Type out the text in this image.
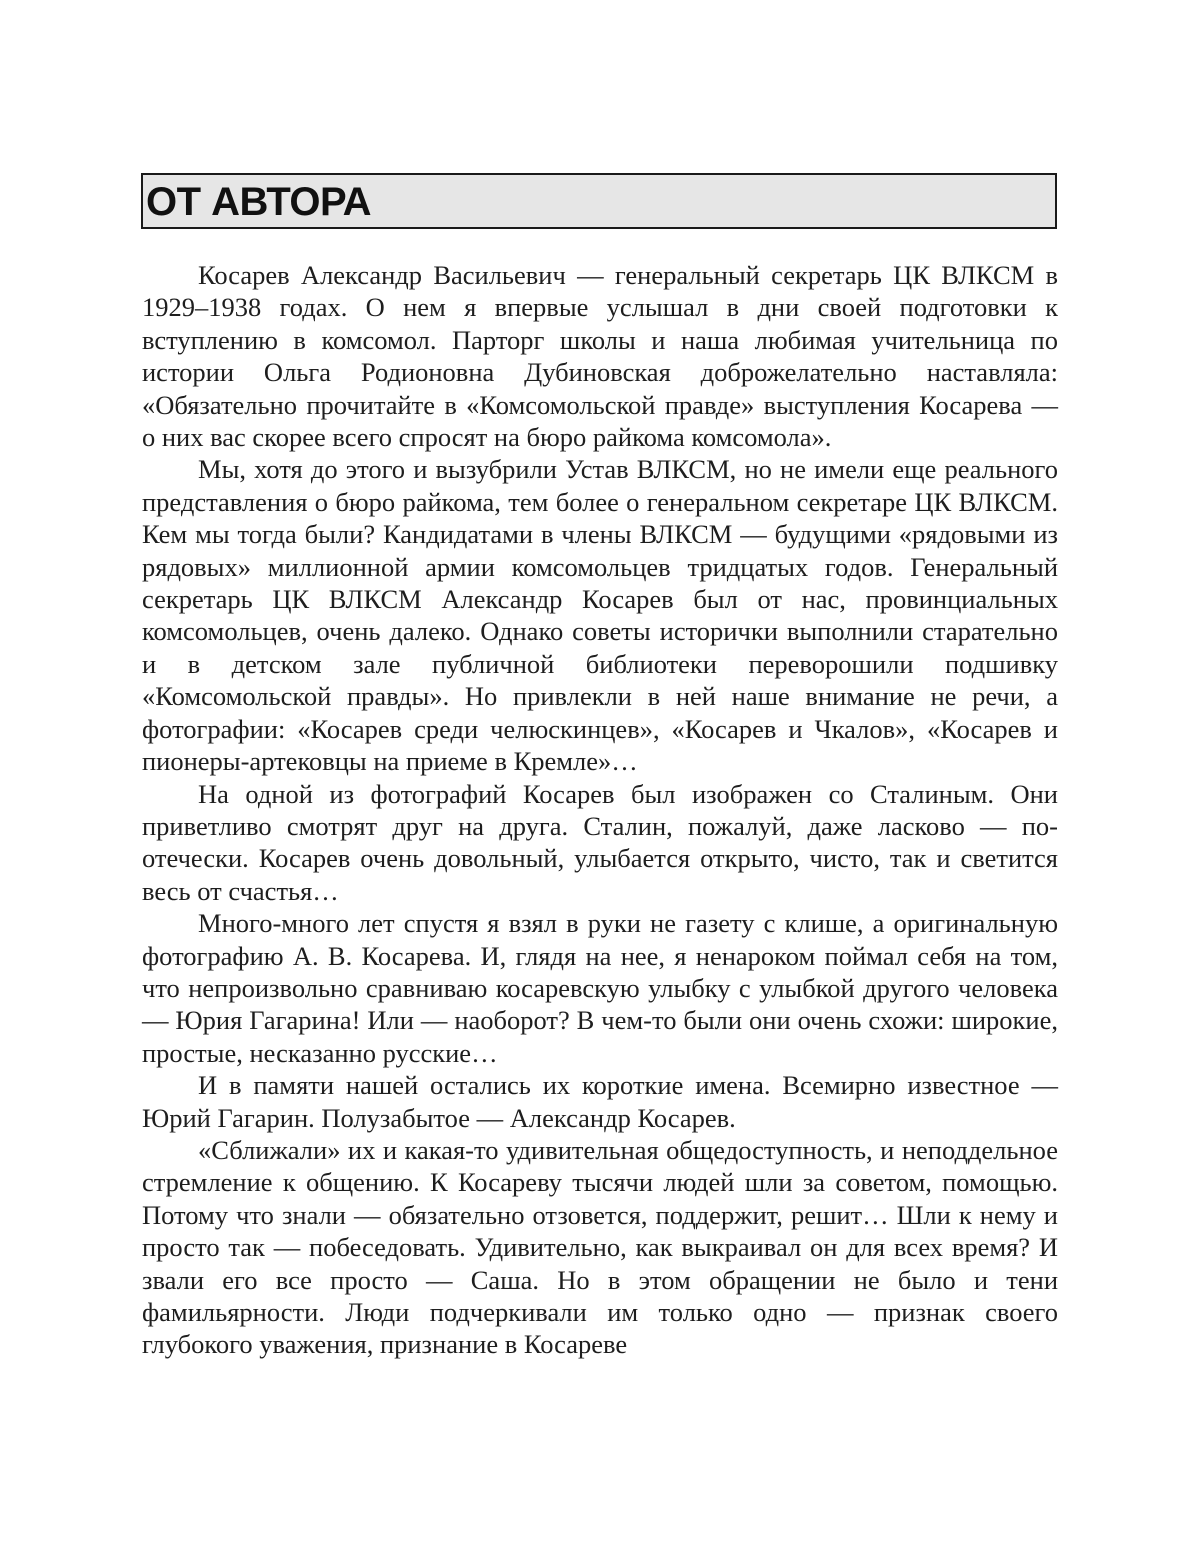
ОТ АВТОРА

Косарев Александр Васильевич — генеральный секретарь ЦК ВЛКСМ в 1929–1938 годах. О нем я впервые услышал в дни своей подготовки к вступлению в комсомол. Парторг школы и наша любимая учительница по истории Ольга Родионовна Дубиновская доброжелательно наставляла: «Обязательно прочитайте в «Комсомольской правде» выступления Косарева — о них вас скорее всего спросят на бюро райкома комсомола».

Мы, хотя до этого и вызубрили Устав ВЛКСМ, но не имели еще реального представления о бюро райкома, тем более о генеральном секретаре ЦК ВЛКСМ. Кем мы тогда были? Кандидатами в члены ВЛКСМ — будущими «рядовыми из рядовых» миллионной армии комсомольцев тридцатых годов. Генеральный секретарь ЦК ВЛКСМ Александр Косарев был от нас, провинциальных комсомольцев, очень далеко. Однако советы исторички выполнили старательно и в детском зале публичной библиотеки переворошили подшивку «Комсомольской правды». Но привлекли в ней наше внимание не речи, а фотографии: «Косарев среди челюскинцев», «Косарев и Чкалов», «Косарев и пионеры-артековцы на приеме в Кремле»…

На одной из фотографий Косарев был изображен со Сталиным. Они приветливо смотрят друг на друга. Сталин, пожалуй, даже ласково — по-отечески. Косарев очень довольный, улыбается открыто, чисто, так и светится весь от счастья…

Много-много лет спустя я взял в руки не газету с клише, а оригинальную фотографию А. В. Косарева. И, глядя на нее, я ненароком поймал себя на том, что непроизвольно сравниваю косаревскую улыбку с улыбкой другого человека — Юрия Гагарина! Или — наоборот? В чем-то были они очень схожи: широкие, простые, несказанно русские…

И в памяти нашей остались их короткие имена. Всемирно известное — Юрий Гагарин. Полузабытое — Александр Косарев.

«Сближали» их и какая-то удивительная общедоступность, и неподдельное стремление к общению. К Косареву тысячи людей шли за советом, помощью. Потому что знали — обязательно отзовется, поддержит, решит… Шли к нему и просто так — побеседовать. Удивительно, как выкраивал он для всех время? И звали его все просто — Саша. Но в этом обращении не было и тени фамильярности. Люди подчеркивали им только одно — признак своего глубокого уважения, признание в Косареве
